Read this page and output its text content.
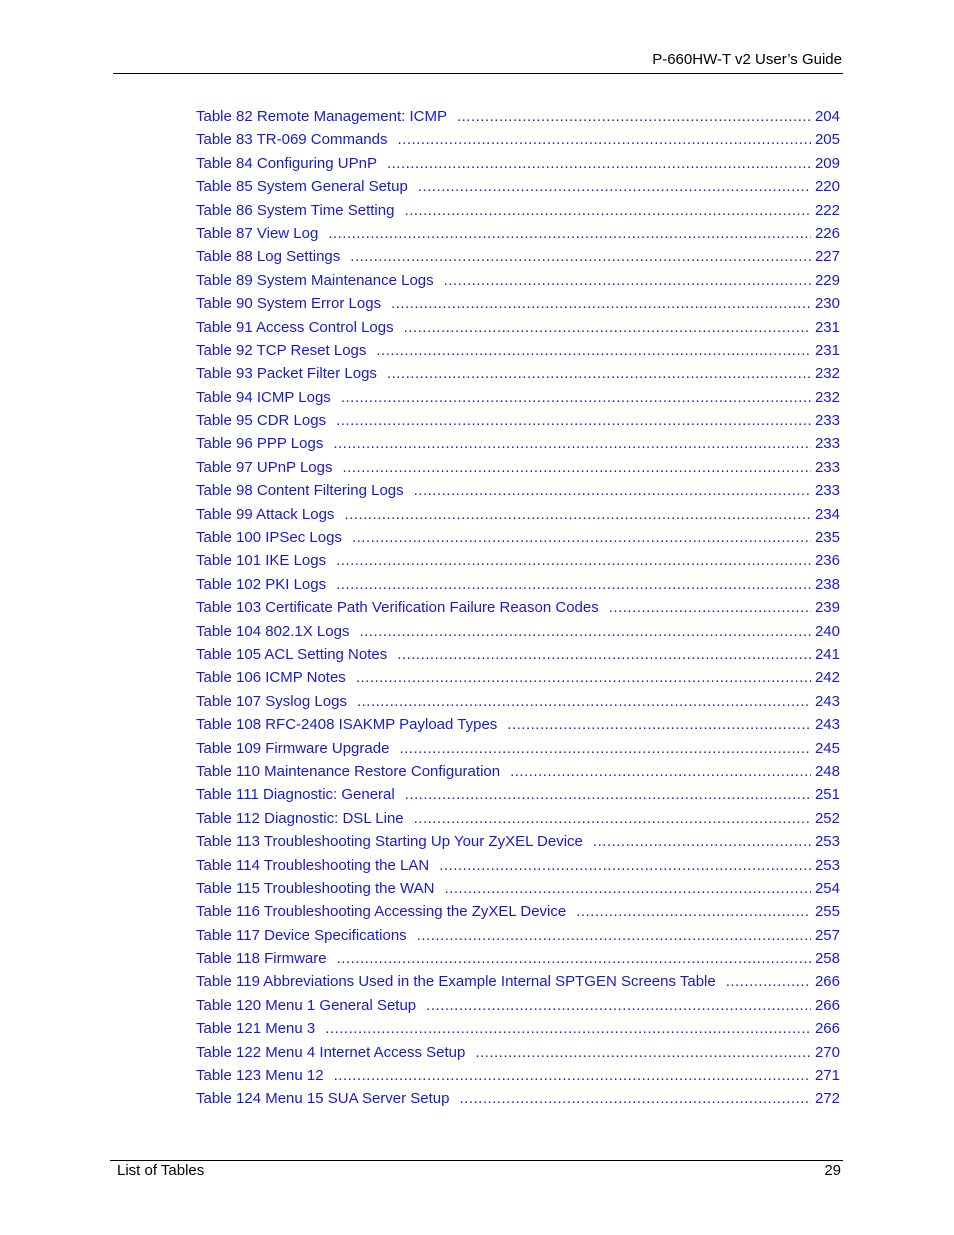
P-660HW-T v2 User’s Guide
Table 82 Remote Management: ICMP .....	204
Table 83 TR-069 Commands .....	205
Table 84 Configuring UPnP .....	209
Table 85 System General Setup .....	220
Table 86 System Time Setting .....	222
Table 87 View Log .....	226
Table 88 Log Settings .....	227
Table 89 System Maintenance Logs .....	229
Table 90 System Error Logs .....	230
Table 91 Access Control Logs .....	231
Table 92 TCP Reset Logs .....	231
Table 93 Packet Filter Logs .....	232
Table 94 ICMP Logs .....	232
Table 95 CDR Logs .....	233
Table 96 PPP Logs .....	233
Table 97 UPnP Logs .....	233
Table 98 Content Filtering Logs .....	233
Table 99 Attack Logs .....	234
Table 100 IPSec Logs .....	235
Table 101 IKE Logs .....	236
Table 102 PKI Logs .....	238
Table 103 Certificate Path Verification Failure Reason Codes .....	239
Table 104 802.1X Logs .....	240
Table 105 ACL Setting Notes .....	241
Table 106 ICMP Notes .....	242
Table 107 Syslog Logs .....	243
Table 108 RFC-2408 ISAKMP Payload Types .....	243
Table 109 Firmware Upgrade .....	245
Table 110 Maintenance Restore Configuration .....	248
Table 111 Diagnostic: General .....	251
Table 112 Diagnostic: DSL Line .....	252
Table 113 Troubleshooting Starting Up Your ZyXEL Device .....	253
Table 114 Troubleshooting the LAN .....	253
Table 115 Troubleshooting the WAN .....	254
Table 116 Troubleshooting Accessing the ZyXEL Device .....	255
Table 117 Device Specifications .....	257
Table 118 Firmware .....	258
Table 119 Abbreviations Used in the Example Internal SPTGEN Screens Table .....	266
Table 120 Menu 1 General Setup .....	266
Table 121 Menu 3 .....	266
Table 122 Menu 4 Internet Access Setup .....	270
Table 123 Menu 12 .....	271
Table 124 Menu 15 SUA Server Setup .....	272
List of Tables	29
